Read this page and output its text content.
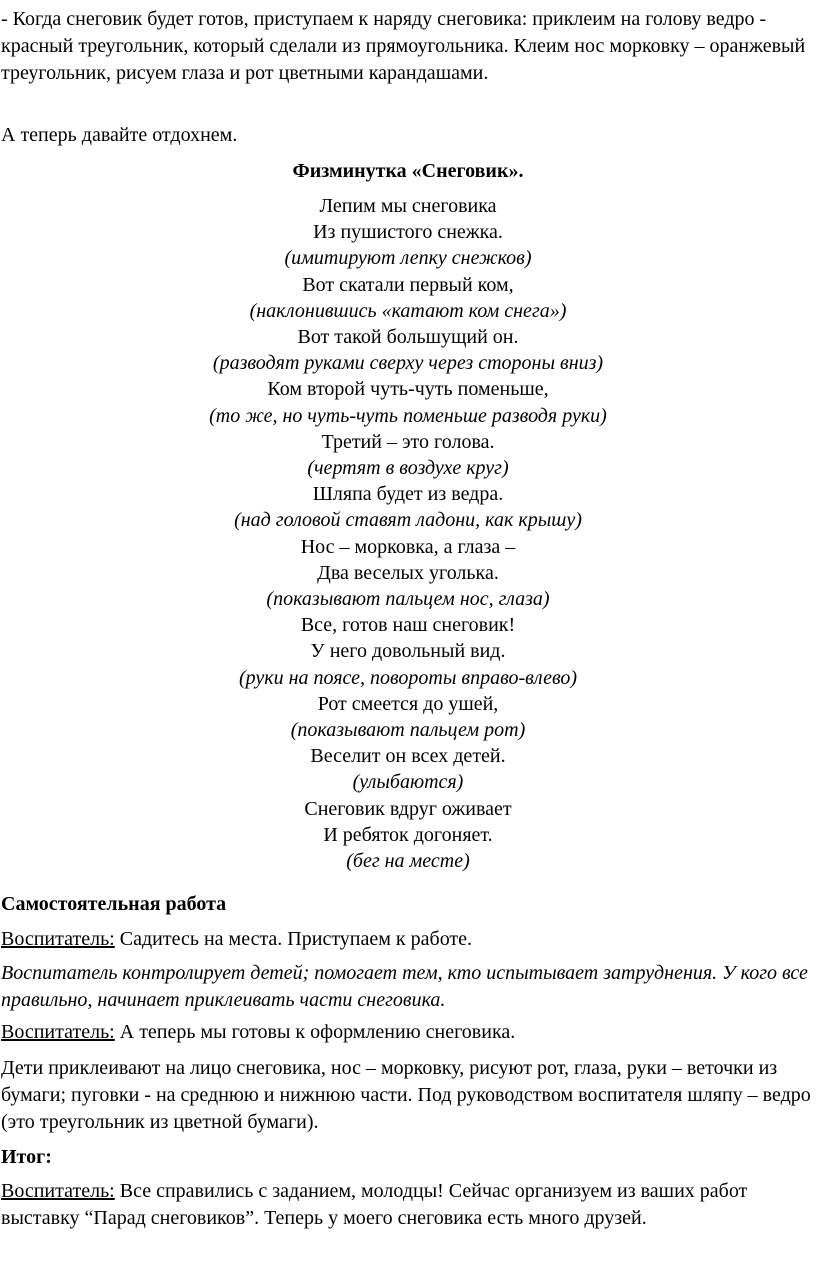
- Когда снеговик будет готов, приступаем к наряду снеговика: приклеим на голову ведро - красный треугольник, который сделали из прямоугольника. Клеим нос морковку – оранжевый треугольник, рисуем глаза и рот цветными карандашами.

А теперь давайте отдохнем.

Физминутка «Снеговик».
Лепим мы снеговика
Из пушистого снежка.
(имитируют лепку снежков)
Вот скатали первый ком,
(наклонившись «катают ком снега»)
Вот такой большущий он.
(разводят руками сверху через стороны вниз)
Ком второй чуть-чуть поменьше,
(то же, но чуть-чуть поменьше разводя руки)
Третий – это голова.
(чертят в воздухе круг)
Шляпа будет из ведра.
(над головой ставят ладони, как крышу)
Нос – морковка, а глаза –
Два веселых уголька.
(показывают пальцем нос, глаза)
Все, готов наш снеговик!
У него довольный вид.
(руки на поясе, повороты вправо-влево)
Рот смеется до ушей,
(показывают пальцем рот)
Веселит он всех детей.
(улыбаются)
Снеговик вдруг оживает
И ребяток догоняет.
(бег на месте)

Самостоятельная работа

Воспитатель: Садитесь на места. Приступаем к работе.

Воспитатель контролирует детей; помогает тем, кто испытывает затруднения. У кого все правильно, начинает приклеивать части снеговика.

Воспитатель: А теперь мы готовы к оформлению снеговика.

Дети приклеивают на лицо снеговика, нос – морковку, рисуют рот, глаза, руки – веточки из бумаги; пуговки - на среднюю и нижнюю части. Под руководством воспитателя шляпу – ведро (это треугольник из цветной бумаги).

Итог:

Воспитатель: Все справились с заданием, молодцы! Сейчас организуем из ваших работ выставку “Парад снеговиков”. Теперь у моего снеговика есть много друзей.
